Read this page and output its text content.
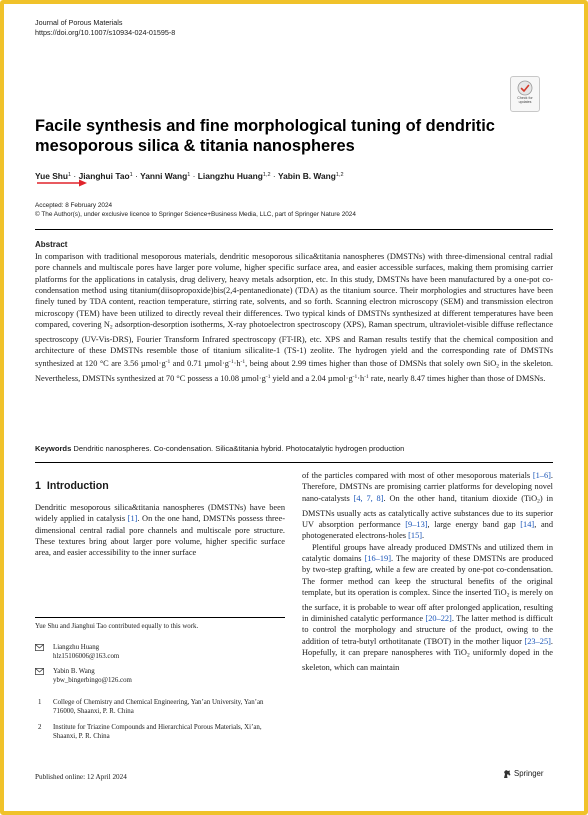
Journal of Porous Materials
https://doi.org/10.1007/s10934-024-01595-8
Check for updates
Facile synthesis and fine morphological tuning of dendritic mesoporous silica & titania nanospheres
Yue Shu$^1$ · Jianghui Tao$^1$ · Yanni Wang$^1$ · Liangzhu Huang$^{1,2}$ · Yabin B. Wang$^{1,2}$
Accepted: 8 February 2024
© The Author(s), under exclusive licence to Springer Science+Business Media, LLC, part of Springer Nature 2024
Abstract
In comparison with traditional mesoporous materials, dendritic mesoporous silica&titania nanospheres (DMSTNs) with three-dimensional central radial pore channels and multiscale pores have larger pore volume, higher specific surface area, and easier accessible surfaces, making them promising carrier platforms for the applications in catalysis, drug delivery, heavy metals adsorption, etc. In this study, DMSTNs have been manufactured by a one-pot co-condensation method using titanium(diisopropoxide)bis(2,4-pentanedionate) (TDA) as the titanium source. Their morphologies and structures have been finely tuned by TDA content, reaction temperature, stirring rate, solvents, and so forth. Scanning electron microscopy (SEM) and transmission electron microscopy (TEM) have been utilized to directly reveal their differences. Two typical kinds of DMSTNs synthesized at different temperatures have been compared, covering $N_2$ adsorption-desorption isotherms, X-ray photoelectron spectroscopy (XPS), Raman spectrum, ultraviolet-visible diffuse reflectance spectroscopy (UV-Vis-DRS), Fourier Transform Infrared spectroscopy (FT-IR), etc. XPS and Raman results testify that the chemical composition and architecture of these DMSTNs resemble those of titanium silicalite-1 (TS-1) zeolite. The hydrogen yield and the corresponding rate of DMSTNs synthesized at 120 °C are 3.56 $\mu mol\cdot g^{-1}$ and 0.71 $\mu mol\cdot g^{-1}\cdot h^{-1}$, being about 2.99 times higher than those of DMSNs that solely own SiO$_2$ in the skeleton. Nevertheless, DMSTNs synthesized at 70 °C possess a 10.08 $\mu mol\cdot g^{-1}$ yield and a 2.04 $\mu mol\cdot g^{-1}\cdot h^{-1}$ rate, nearly 8.47 times higher than those of DMSNs.
Keywords Dendritic nanospheres. Co-condensation. Silica&titania hybrid. Photocatalytic hydrogen production
1 Introduction

Dendritic mesoporous silica&titania nanospheres (DMSTNs) have been widely applied in catalysis [1]. On the one hand, DMSTNs possess three-dimensional central radial pore channels and multiscale pore structure. These textures bring about larger pore volume, higher specific surface area, and easier accessibility to the inner surface

of the particles compared with most of other mesoporous materials [1–6]. Therefore, DMSTNs are promising carrier platforms for developing novel nano-catalysts [4, 7, 8]. On the other hand, titanium dioxide (TiO$_2$) in DMSTNs usually acts as catalytically active substances due to its superior UV absorption performance [9–13], large energy band gap [14], and photogenerated electrons-holes [15].

Plentiful groups have already produced DMSTNs and utilized them in catalytic domains [16–19]. The majority of these DMSTNs are produced by two-step grafting, while a few are created by one-pot co-condensation. The former method can keep the structural benefits of the original template, but its operation is complex. Since the inserted TiO$_2$ is merely on the surface, it is probable to wear off after prolonged application, resulting in diminished catalytic performance [20–22]. The latter method is difficult to control the morphology and structure of the product, owing to the addition of tetra-butyl orthotitanate (TBOT) in the mother liquor [23–25]. Hopefully, it can prepare nanospheres with TiO$_2$ uniformly doped in the skeleton, which can maintain

Yue Shu and Jianghui Tao contributed equally to this work.
Liangzhu Huang
hlz15106006@163.com
Yabin B. Wang
ybw_bingerbingo@126.com
1 College of Chemistry and Chemical Engineering, Yan’an University, Yan’an 716000, Shaanxi, P. R. China
2 Institute for Triazine Compounds and Hierarchical Porous Materials, Xi’an, Shaanxi, P. R. China
Published online: 12 April 2024	Springer
